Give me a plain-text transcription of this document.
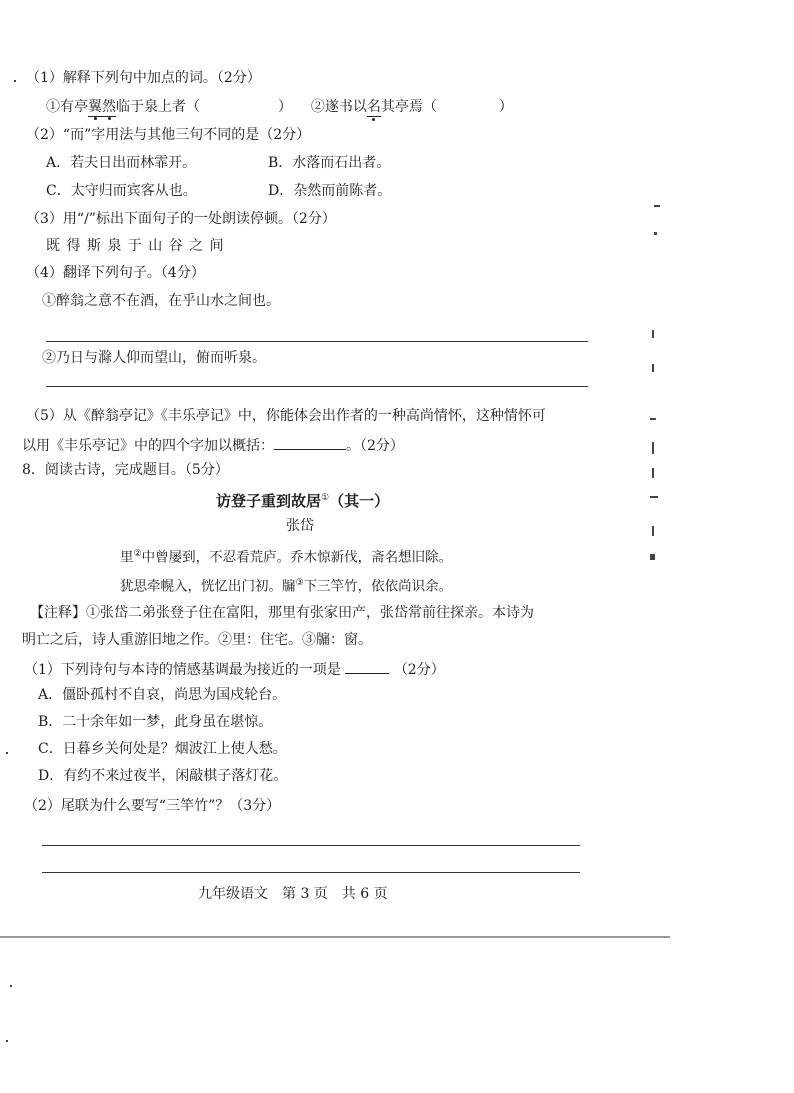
（1）解释下列句中加点的词。（2分）
①有亭翼然临于泉上者（	） ②遂书以名其亭焉（	）
（2）“而”字用法与其他三句不同的是（2分）
A．若夫日出而林霏开。	B．水落而石出者。
C．太守归而宾客从也。	D．杂然而前陈者。
（3）用“/”标出下面句子的一处朗读停顿。（2分）
既 得 斯 泉 于 山 谷 之 间
（4）翻译下列句子。（4分）
①醉翁之意不在酒，在乎山水之间也。
②乃日与滁人仰而望山，俯而听泉。
（5）从《醉翁亭记》《丰乐亭记》中，你能体会出作者的一种高尚情怀，这种情怀可
以用《丰乐亭记》中的四个字加以概括：	。（2分）
8．阅读古诗，完成题目。（5分）
访登子重到故居①（其一）
张岱
里②中曾屡到，不忍看荒庐。乔木惊新伐，斋名想旧除。
犹思牵幌入，恍忆出门初。牖③下三竿竹，依依尚识余。
【注释】①张岱二弟张登子住在富阳，那里有张家田产，张岱常前往探亲。本诗为
明亡之后，诗人重游旧地之作。②里：住宅。③牖：窗。
（1）下列诗句与本诗的情感基调最为接近的一项是	（2分）
A．僵卧孤村不自哀，尚思为国戍轮台。
B．二十余年如一梦，此身虽在堪惊。
C．日暮乡关何处是？烟波江上使人愁。
D．有约不来过夜半，闲敲棋子落灯花。
（2）尾联为什么要写“三竿竹”？（3分）
九年级语文　第 3 页　共 6 页
